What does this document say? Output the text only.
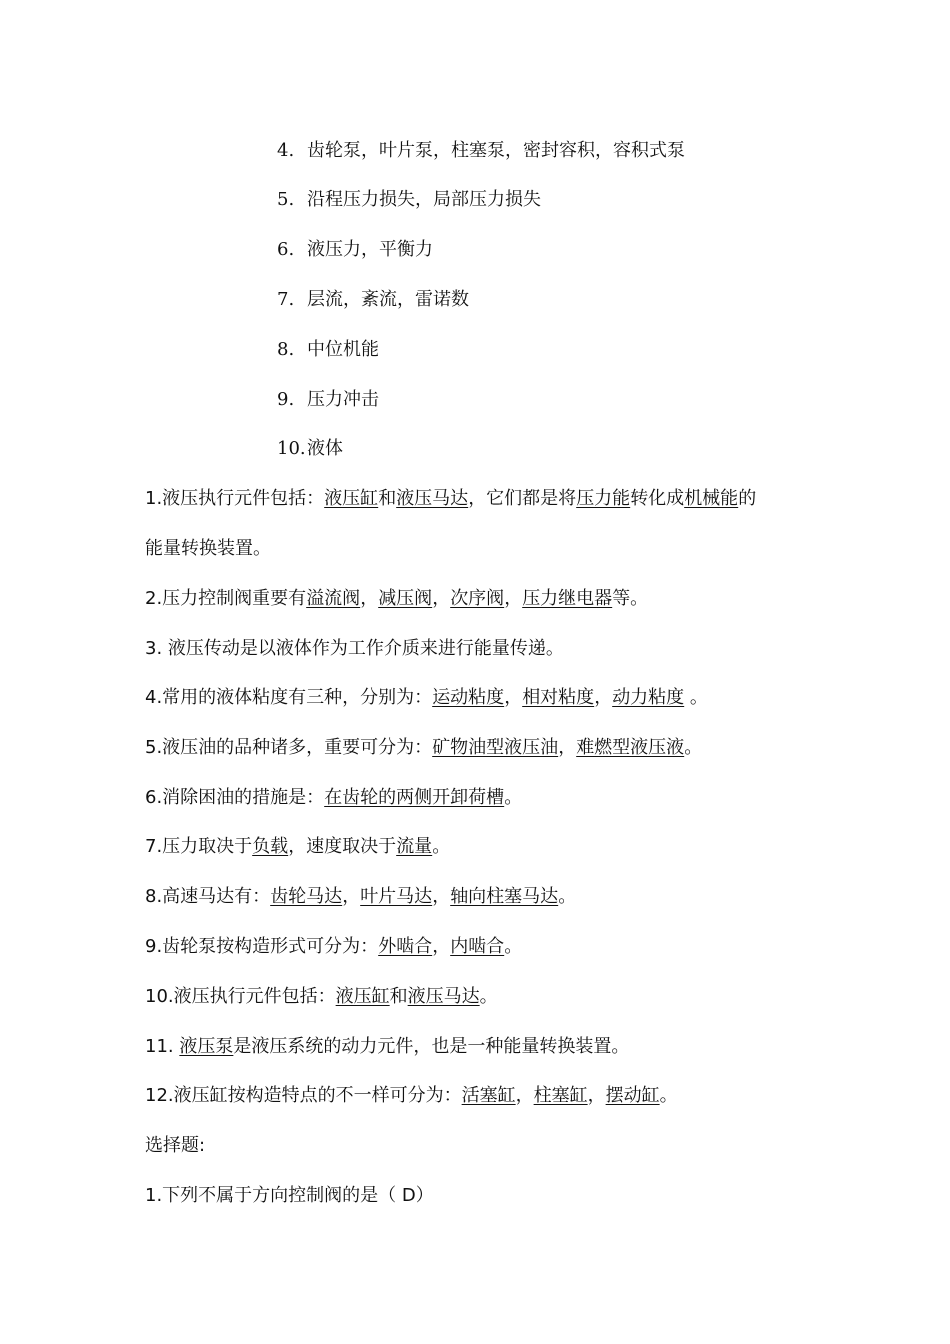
4. 齿轮泵，叶片泵，柱塞泵，密封容积，容积式泵
5. 沿程压力损失，局部压力损失
6. 液压力，平衡力
7. 层流，紊流，雷诺数
8. 中位机能
9. 压力冲击
10.液体
1.液压执行元件包括：液压缸和液压马达，它们都是将压力能转化成机械能的
能量转换装置。
2.压力控制阀重要有溢流阀，减压阀，次序阀，压力继电器等。
3. 液压传动是以液体作为工作介质来进行能量传递。
4.常用的液体粘度有三种，分别为：运动粘度，相对粘度，动力粘度 。
5.液压油的品种诸多，重要可分为：矿物油型液压油，难燃型液压液。
6.消除困油的措施是：在齿轮的两侧开卸荷槽。
7.压力取决于负载，速度取决于流量。
8.高速马达有：齿轮马达，叶片马达，轴向柱塞马达。
9.齿轮泵按构造形式可分为：外啮合，内啮合。
10.液压执行元件包括：液压缸和液压马达。
11. 液压泵是液压系统的动力元件，也是一种能量转换装置。
12.液压缸按构造特点的不一样可分为：活塞缸，柱塞缸，摆动缸。
选择题:
1.下列不属于方向控制阀的是（ D）
